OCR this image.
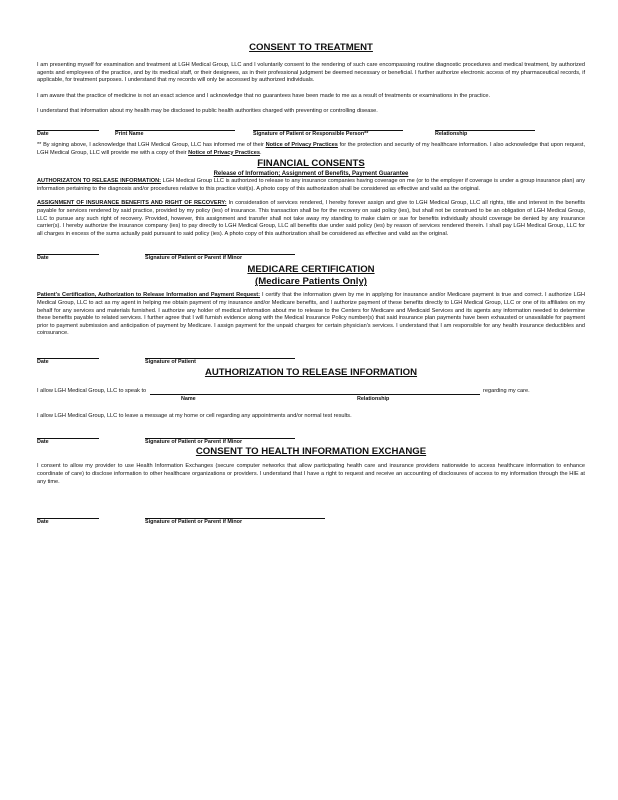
CONSENT TO TREATMENT

I am presenting myself for examination and treatment at LGH Medical Group, LLC and I voluntarily consent to the rendering of such care encompassing routine diagnostic procedures and medical treatment, by authorized agents and employees of the practice, and by its medical staff, or their designees, as in their professional judgment be deemed necessary or beneficial. I further authorize electronic access of my pharmaceutical records, if applicable, for treatment purposes. I understand that my records will only be accessed by authorized individuals.

I am aware that the practice of medicine is not an exact science and I acknowledge that no guarantees have been made to me as a result of treatments or examinations in the practice.

I understand that information about my health may be disclosed to public health authorities charged with preventing or controlling disease.

Date	Print Name	Signature of Patient or Responsible Person**	Relationship

** By signing above, I acknowledge that LGH Medical Group, LLC has informed me of their Notice of Privacy Practices for the protection and security of my healthcare information. I also acknowledge that upon request, LGH Medical Group, LLC will provide me with a copy of their Notice of Privacy Practices.

FINANCIAL CONSENTS
Release of Information; Assignment of Benefits, Payment Guarantee

AUTHORIZATON TO RELEASE INFORMATION: LGH Medical Group LLC is authorized to release to any insurance companies having coverage on me (or to the employer if coverage is under a group insurance plan) any information pertaining to the diagnosis and/or procedures relative to this practice visit(s). A photo copy of this authorization shall be considered as effective and valid as the original.

ASSIGNMENT OF INSURANCE BENEFITS AND RIGHT OF RECOVERY: In consideration of services rendered, I hereby forever assign and give to LGH Medical Group, LLC all rights, title and interest in the benefits payable for services rendered by said practice, provided by my policy (ies) of insurance. This transaction shall be for the recovery on said policy (ies), but shall not be construed to be an obligation of LGH Medical Group, LLC to pursue any such right of recovery. Provided, however, this assignment and transfer shall not take away my standing to make claim or sue for benefits individually should coverage be denied by any insurance carrier(s). I hereby authorize the insurance company (ies) to pay directly to LGH Medical Group, LLC all benefits due under said policy (ies) by reason of services rendered therein. I shall pay LGH Medical Group, LLC for all charges in excess of the sums actually paid pursuant to said policy (ies). A photo copy of this authorization shall be considered as effective and valid as the original.

Date	Signature of Patient or Parent if Minor
MEDICARE CERTIFICATION
(Medicare Patients Only)

Patient's Certification, Authorization to Release Information and Payment Request: I certify that the information given by me in applying for insurance and/or Medicare payment is true and correct. I authorize LGH Medical Group, LLC to act as my agent in helping me obtain payment of my insurance and/or Medicare benefits, and I authorize payment of these benefits directly to LGH Medical Group, LLC or one of its affiliates on my behalf for any services and materials furnished. I authorize any holder of medical information about me to release to the Centers for Medicare and Medicaid Services and its agents any information needed to determine these benefits payable to related services. I further agree that I will furnish evidence along with the Medical Insurance Policy number(s) that said insurance plan payments have been exhausted or unavailable for payment prior to payment submission and anticipation of payment by Medicare. I assign payment for the unpaid charges for certain physician's services. I understand that I am responsible for any health insurance deductibles and coinsurance.

Date	Signature of Patient
AUTHORIZATION TO RELEASE INFORMATION
I allow LGH Medical Group, LLC to speak to	regarding my care.
Name	Relationship

I allow LGH Medical Group, LLC to leave a message at my home or cell regarding any appointments and/or normal test results.

Date	Signature of Patient or Parent if Minor
CONSENT TO HEALTH INFORMATION EXCHANGE

I consent to allow my provider to use Health Information Exchanges (secure computer networks that allow participating health care and insurance providers nationwide to access healthcare information to enhance coordinate of care) to disclose information to other healthcare organizations or providers. I understand that I have a right to request and receive an accounting of disclosures of access to my information through the HIE at any time.

Date	Signature of Patient or Parent if Minor
